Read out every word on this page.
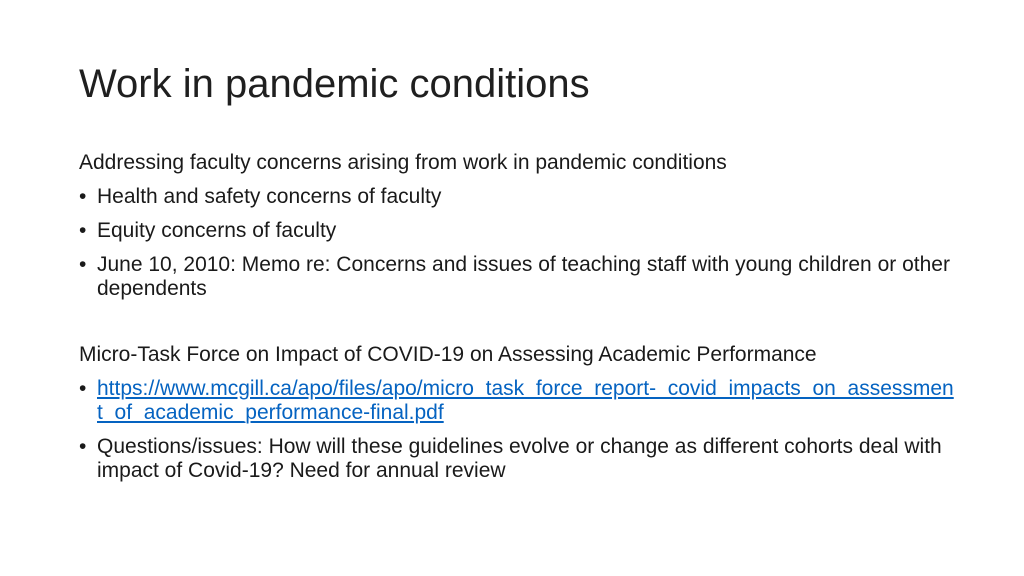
Work in pandemic conditions
Addressing faculty concerns arising from work in pandemic conditions
• Health and safety concerns of faculty
• Equity concerns of faculty
• June 10, 2010: Memo re: Concerns and issues of teaching staff with young children or other dependents
Micro-Task Force on Impact of COVID-19 on Assessing Academic Performance
• https://www.mcgill.ca/apo/files/apo/micro_task_force_report-_covid_impacts_on_assessment_of_academic_performance-final.pdf
• Questions/issues: How will these guidelines evolve or change as different cohorts deal with impact of Covid-19? Need for annual review
